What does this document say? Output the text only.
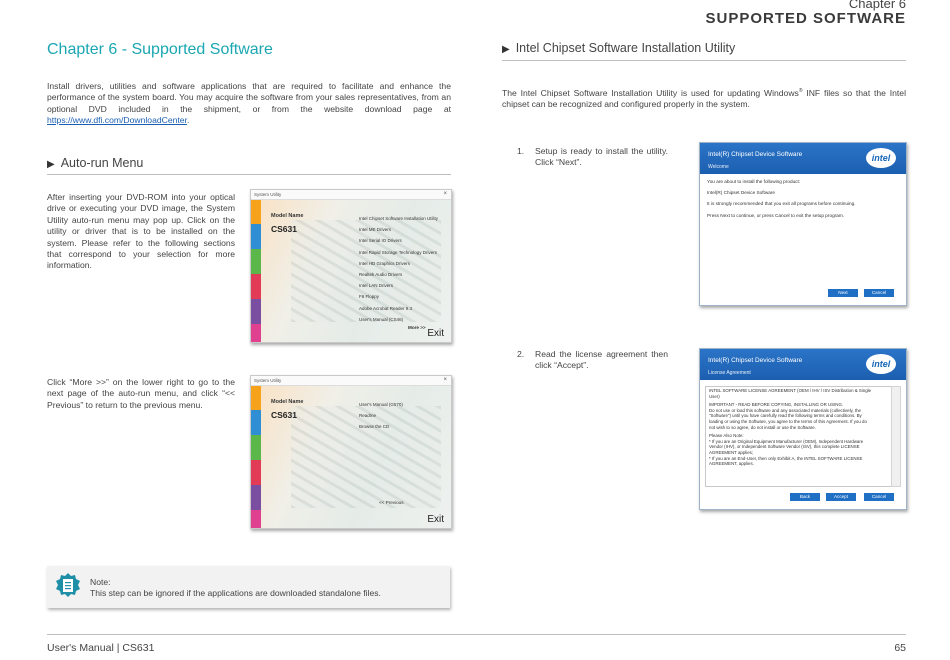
Chapter 6
SUPPORTED SOFTWARE
Chapter 6 - Supported Software
Install drivers, utilities and software applications that are required to facilitate and enhance the performance of the system board. You may acquire the software from your sales representatives, from an optional DVD included in the shipment, or from the website download page at https://www.dfi.com/DownloadCenter.
▶ Auto-run Menu
After inserting your DVD-ROM into your optical drive or executing your DVD image, the System Utility auto-run menu may pop up. Click on the utility or driver that is to be installed on the system. Please refer to the following sections that correspond to your selection for more information.
System Utility	×
Model Name
CS631
Intel Chipset Software Installation Utility
Intel ME Drivers
Intel Serial IO Drivers
Intel Rapid Storage Technology Drivers
Intel HD Graphics Drivers
Realtek Audio Drivers
Intel LAN Drivers
F6 Floppy
Adobe Acrobat Reader 9.3
User's Manual (CS46)
More >>
Exit
Click “More >>” on the lower right to go to the next page of the auto-run menu, and click “<< Previous” to return to the previous menu.
System Utility	×
Model Name
CS631
User's Manual (G570)
Readme
Browse the CD
<< Previous
Exit
Note:
This step can be ignored if the applications are downloaded standalone files.
▶ Intel Chipset Software Installation Utility
The Intel Chipset Software Installation Utility is used for updating Windows® INF files so that the Intel chipset can be recognized and configured properly in the system.
1. Setup is ready to install the utility. Click “Next”.
Intel(R) Chipset Device Software
Welcome
intel
You are about to install the following product:
Intel(R) Chipset Device Software
It is strongly recommended that you exit all programs before continuing.
Press Next to continue, or press Cancel to exit the setup program.
Next	Cancel
2. Read the license agreement then click “Accept”.	Intel(R) Chipset Device Software
License Agreement
intel
INTEL SOFTWARE LICENSE AGREEMENT (OEM / IHV / ISV Distribution & Single
User)
IMPORTANT - READ BEFORE COPYING, INSTALLING OR USING.
Do not use or load this software and any associated materials (collectively, the
"Software") until you have carefully read the following terms and conditions. By
loading or using the Software, you agree to the terms of this Agreement. If you do
not wish to so agree, do not install or use the Software.
Please Also Note:
* If you are an Original Equipment Manufacturer (OEM), Independent Hardware
Vendor (IHV), or Independent Software Vendor (ISV), this complete LICENSE
AGREEMENT applies;
* If you are an End-User, then only Exhibit A, the INTEL SOFTWARE LICENSE
AGREEMENT, applies.
Back	Accept	Cancel
User's Manual | CS631	65
